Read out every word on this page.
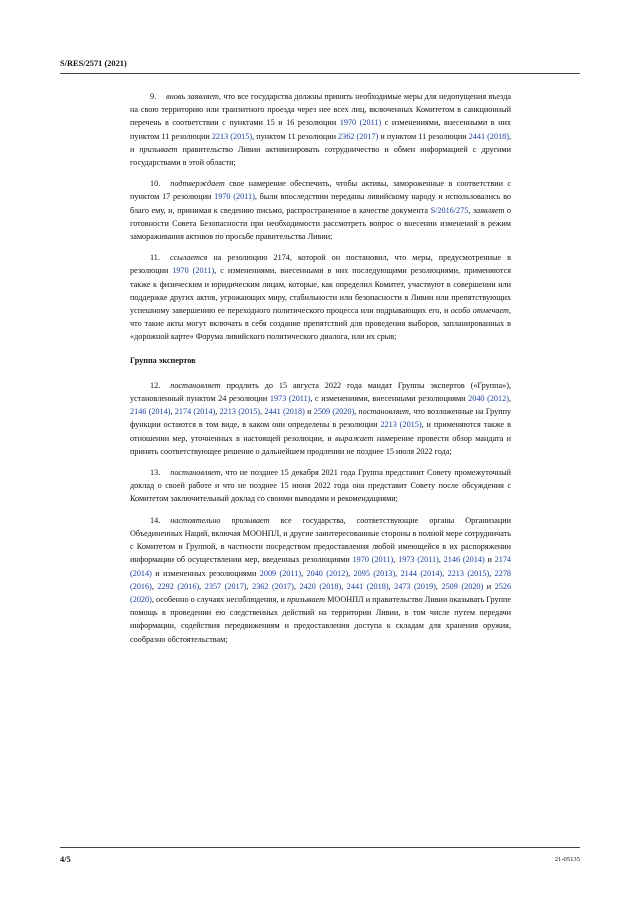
S/RES/2571 (2021)

9. вновь заявляет, что все государства должны принять необходимые меры для недопущения въезда на свою территорию или транзитного проезда через нее всех лиц, включенных Комитетом в санкционный перечень в соответствии с пунктами 15 и 16 резолюции 1970 (2011) с изменениями, внесенными в них пунктом 11 резолюции 2213 (2015), пунктом 11 резолюции 2362 (2017) и пунктом 11 резолюции 2441 (2018), и призывает правительство Ливии активизировать сотрудничество и обмен информацией с другими государствами в этой области;

10. подтверждает свое намерение обеспечить, чтобы активы, замороженные в соответствии с пунктом 17 резолюции 1970 (2011), были впоследствии переданы ливийскому народу и использовались во благо ему, и, принимая к сведению письмо, распространенное в качестве документа S/2016/275, заявляет о готовности Совета Безопасности при необходимости рассмотреть вопрос о внесении изменений в режим замораживания активов по просьбе правительства Ливии;

11. ссылается на резолюцию 2174, которой он постановил, что меры, предусмотренные в резолюции 1970 (2011), с изменениями, внесенными в них последующими резолюциями, применяются также к физическим и юридическим лицам, которые, как определил Комитет, участвуют в совершении или поддержке других актов, угрожающих миру, стабильности или безопасности в Ливии или препятствующих успешному завершению ее переходного политического процесса или подрывающих его, и особо отмечает, что такие акты могут включать в себя создание препятствий для проведения выборов, запланированных в «дорожной карте» Форума ливийского политического диалога, или их срыв;

Группа экспертов

12. постановляет продлить до 15 августа 2022 года мандат Группы экспертов («Группа»), установленный пунктом 24 резолюции 1973 (2011), с изменениями, внесенными резолюциями 2040 (2012), 2146 (2014), 2174 (2014), 2213 (2015), 2441 (2018) и 2509 (2020), постановляет, что возложенные на Группу функции остаются в том виде, в каком они определены в резолюции 2213 (2015), и применяются также в отношении мер, уточненных в настоящей резолюции, и выражает намерение провести обзор мандата и принять соответствующее решение о дальнейшем продлении не позднее 15 июля 2022 года;

13. постановляет, что не позднее 15 декабря 2021 года Группа представит Совету промежуточный доклад о своей работе и что не позднее 15 июня 2022 года она представит Совету после обсуждения с Комитетом заключительный доклад со своими выводами и рекомендациями;

14. настоятельно призывает все государства, соответствующие органы Организации Объединенных Наций, включая МООНПЛ, и другие заинтересованные стороны в полной мере сотрудничать с Комитетом и Группой, в частности посредством предоставления любой имеющейся в их распоряжении информации об осуществлении мер, введенных резолюциями 1970 (2011), 1973 (2011), 2146 (2014) и 2174 (2014) и измененных резолюциями 2009 (2011), 2040 (2012), 2095 (2013), 2144 (2014), 2213 (2015), 2278 (2016), 2292 (2016), 2357 (2017), 2362 (2017), 2420 (2018), 2441 (2018), 2473 (2019), 2509 (2020) и 2526 (2020), особенно о случаях несоблюдения, и призывает МООНПЛ и правительство Ливии оказывать Группе помощь в проведении ею следственных действий на территории Ливии, в том числе путем передачи информации, содействия передвижениям и предоставления доступа к складам для хранения оружия, сообразно обстоятельствам;

4/5	21-05135
